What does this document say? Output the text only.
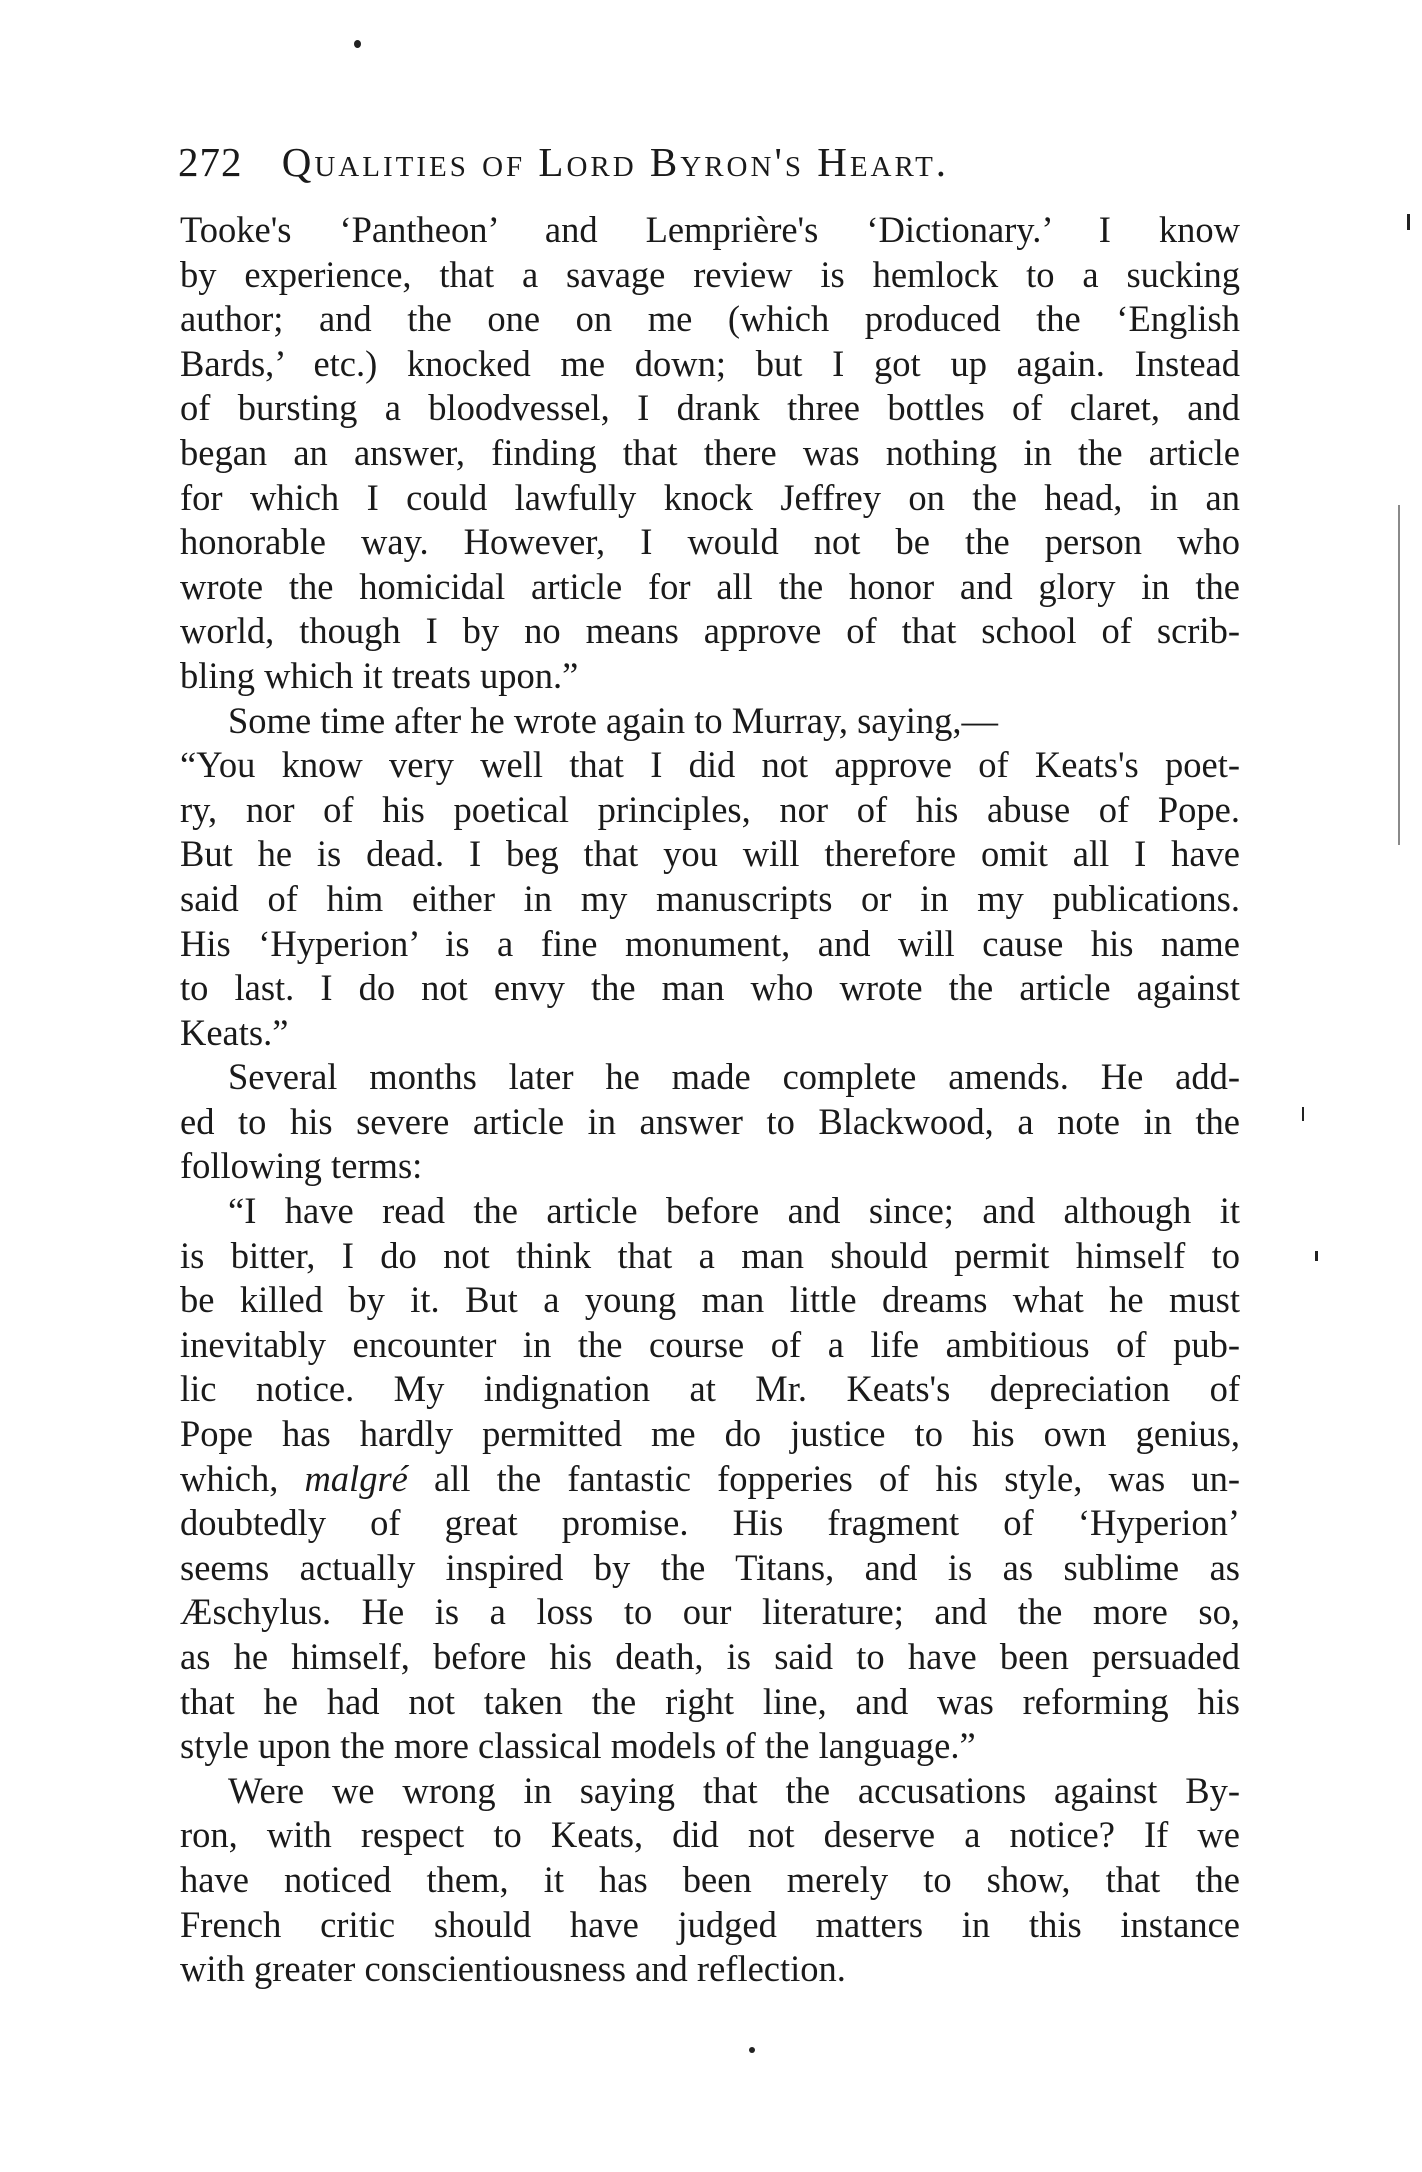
272 Qualities of Lord Byron's Heart.
Tooke's ‘Pantheon’ and Lemprière's ‘Dictionary.’ I know
by experience, that a savage review is hemlock to a sucking
author; and the one on me (which produced the ‘English
Bards,’ etc.) knocked me down; but I got up again. Instead
of bursting a bloodvessel, I drank three bottles of claret, and
began an answer, finding that there was nothing in the article
for which I could lawfully knock Jeffrey on the head, in an
honorable way. However, I would not be the person who
wrote the homicidal article for all the honor and glory in the
world, though I by no means approve of that school of scrib-
bling which it treats upon.”
Some time after he wrote again to Murray, saying,—
“You know very well that I did not approve of Keats's poet-
ry, nor of his poetical principles, nor of his abuse of Pope.
But he is dead. I beg that you will therefore omit all I have
said of him either in my manuscripts or in my publications.
His ‘Hyperion’ is a fine monument, and will cause his name
to last. I do not envy the man who wrote the article against
Keats.”
Several months later he made complete amends. He add-
ed to his severe article in answer to Blackwood, a note in the
following terms:
“I have read the article before and since; and although it
is bitter, I do not think that a man should permit himself to
be killed by it. But a young man little dreams what he must
inevitably encounter in the course of a life ambitious of pub-
lic notice. My indignation at Mr. Keats's depreciation of
Pope has hardly permitted me do justice to his own genius,
which, malgré all the fantastic fopperies of his style, was un-
doubtedly of great promise. His fragment of ‘Hyperion’
seems actually inspired by the Titans, and is as sublime as
Æschylus. He is a loss to our literature; and the more so,
as he himself, before his death, is said to have been persuaded
that he had not taken the right line, and was reforming his
style upon the more classical models of the language.”
Were we wrong in saying that the accusations against By-
ron, with respect to Keats, did not deserve a notice? If we
have noticed them, it has been merely to show, that the
French critic should have judged matters in this instance
with greater conscientiousness and reflection.
